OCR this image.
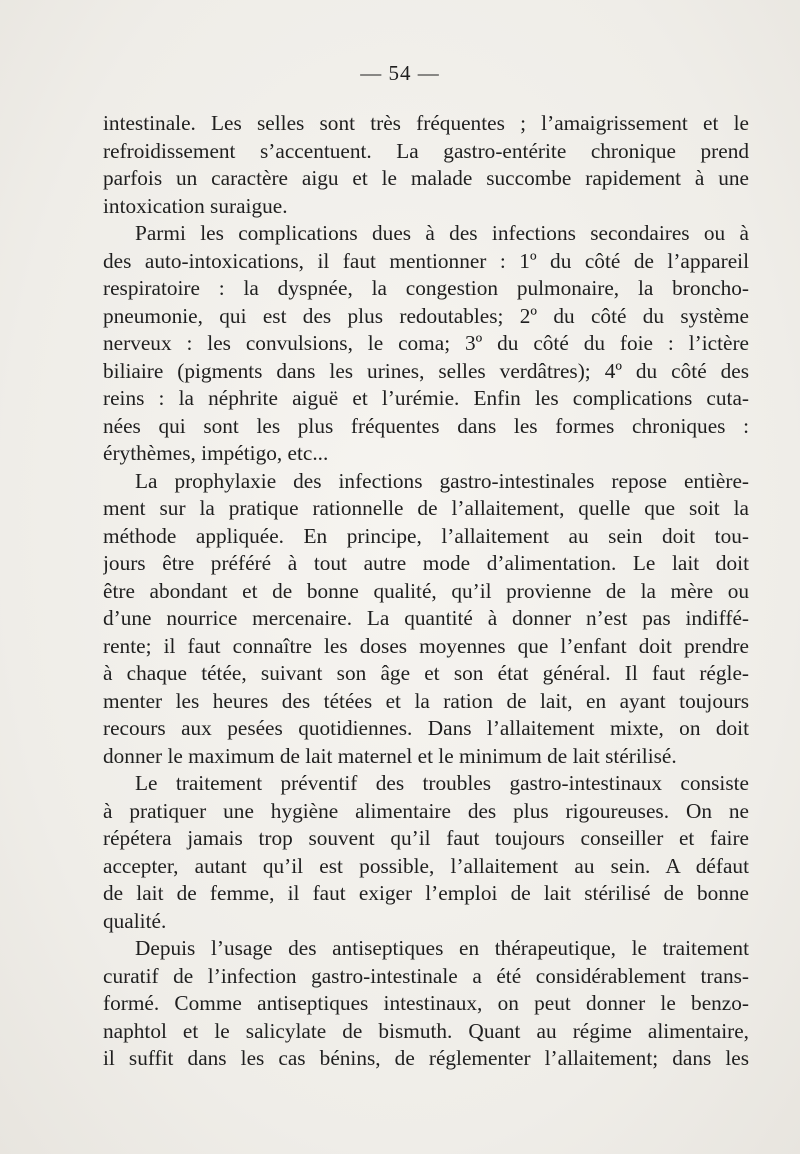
— 54 —
intestinale. Les selles sont très fréquentes ; l’amaigrissement et le
refroidissement s’accentuent. La gastro-entérite chronique prend
parfois un caractère aigu et le malade succombe rapidement à une
intoxication suraigue.
Parmi les complications dues à des infections secondaires ou à
des auto-intoxications, il faut mentionner : 1º du côté de l’appareil
respiratoire : la dyspnée, la congestion pulmonaire, la broncho-
pneumonie, qui est des plus redoutables; 2º du côté du système
nerveux : les convulsions, le coma; 3º du côté du foie : l’ictère
biliaire (pigments dans les urines, selles verdâtres); 4º du côté des
reins : la néphrite aiguë et l’urémie. Enfin les complications cuta-
nées qui sont les plus fréquentes dans les formes chroniques :
érythèmes, impétigo, etc...
La prophylaxie des infections gastro-intestinales repose entière-
ment sur la pratique rationnelle de l’allaitement, quelle que soit la
méthode appliquée. En principe, l’allaitement au sein doit tou-
jours être préféré à tout autre mode d’alimentation. Le lait doit
être abondant et de bonne qualité, qu’il provienne de la mère ou
d’une nourrice mercenaire. La quantité à donner n’est pas indiffé-
rente; il faut connaître les doses moyennes que l’enfant doit prendre
à chaque tétée, suivant son âge et son état général. Il faut régle-
menter les heures des tétées et la ration de lait, en ayant toujours
recours aux pesées quotidiennes. Dans l’allaitement mixte, on doit
donner le maximum de lait maternel et le minimum de lait stérilisé.
Le traitement préventif des troubles gastro-intestinaux consiste
à pratiquer une hygiène alimentaire des plus rigoureuses. On ne
répétera jamais trop souvent qu’il faut toujours conseiller et faire
accepter, autant qu’il est possible, l’allaitement au sein. A défaut
de lait de femme, il faut exiger l’emploi de lait stérilisé de bonne
qualité.
Depuis l’usage des antiseptiques en thérapeutique, le traitement
curatif de l’infection gastro-intestinale a été considérablement trans-
formé. Comme antiseptiques intestinaux, on peut donner le benzo-
naphtol et le salicylate de bismuth. Quant au régime alimentaire,
il suffit dans les cas bénins, de réglementer l’allaitement; dans les
